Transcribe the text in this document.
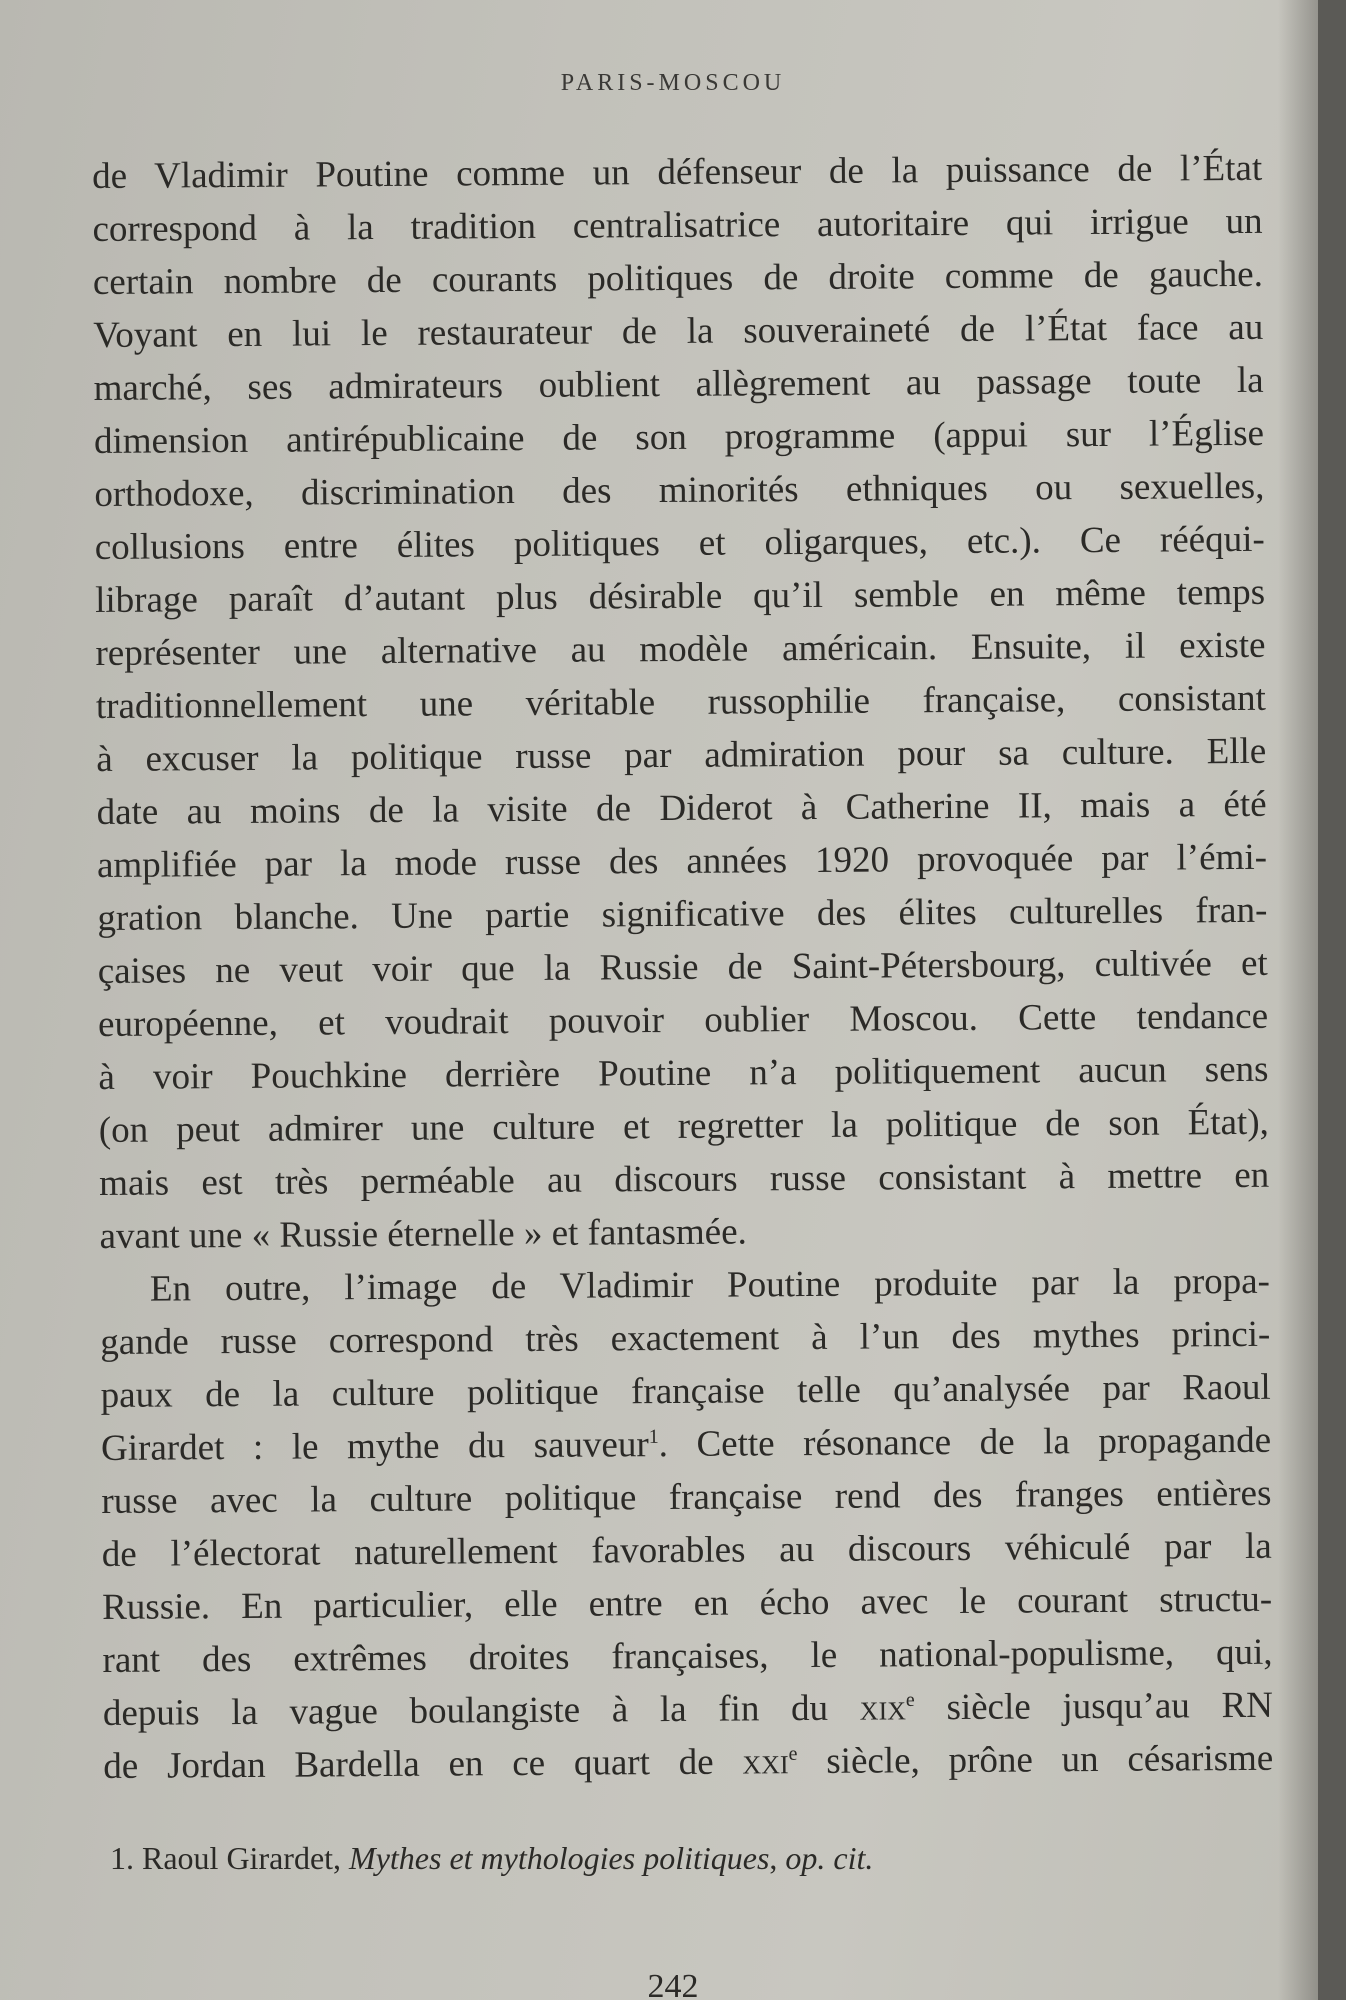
PARIS-MOSCOU
de Vladimir Poutine comme un défenseur de la puissance de l’État
correspond à la tradition centralisatrice autoritaire qui irrigue un
certain nombre de courants politiques de droite comme de gauche.
Voyant en lui le restaurateur de la souveraineté de l’État face au
marché, ses admirateurs oublient allègrement au passage toute la
dimension antirépublicaine de son programme (appui sur l’Église
orthodoxe, discrimination des minorités ethniques ou sexuelles,
collusions entre élites politiques et oligarques, etc.). Ce rééqui-
librage paraît d’autant plus désirable qu’il semble en même temps
représenter une alternative au modèle américain. Ensuite, il existe
traditionnellement une véritable russophilie française, consistant
à excuser la politique russe par admiration pour sa culture. Elle
date au moins de la visite de Diderot à Catherine II, mais a été
amplifiée par la mode russe des années 1920 provoquée par l’émi-
gration blanche. Une partie significative des élites culturelles fran-
çaises ne veut voir que la Russie de Saint-Pétersbourg, cultivée et
européenne, et voudrait pouvoir oublier Moscou. Cette tendance
à voir Pouchkine derrière Poutine n’a politiquement aucun sens
(on peut admirer une culture et regretter la politique de son État),
mais est très perméable au discours russe consistant à mettre en
avant une « Russie éternelle » et fantasmée.
En outre, l’image de Vladimir Poutine produite par la propa-
gande russe correspond très exactement à l’un des mythes princi-
paux de la culture politique française telle qu’analysée par Raoul
Girardet : le mythe du sauveur$^1$. Cette résonance de la propagande
russe avec la culture politique française rend des franges entières
de l’électorat naturellement favorables au discours véhiculé par la
Russie. En particulier, elle entre en écho avec le courant structu-
rant des extrêmes droites françaises, le national-populisme, qui,
depuis la vague boulangiste à la fin du xix$^e$ siècle jusqu’au RN
de Jordan Bardella en ce quart de xxi$^e$ siècle, prône un césarisme
1. Raoul Girardet, Mythes et mythologies politiques, op. cit.
242
